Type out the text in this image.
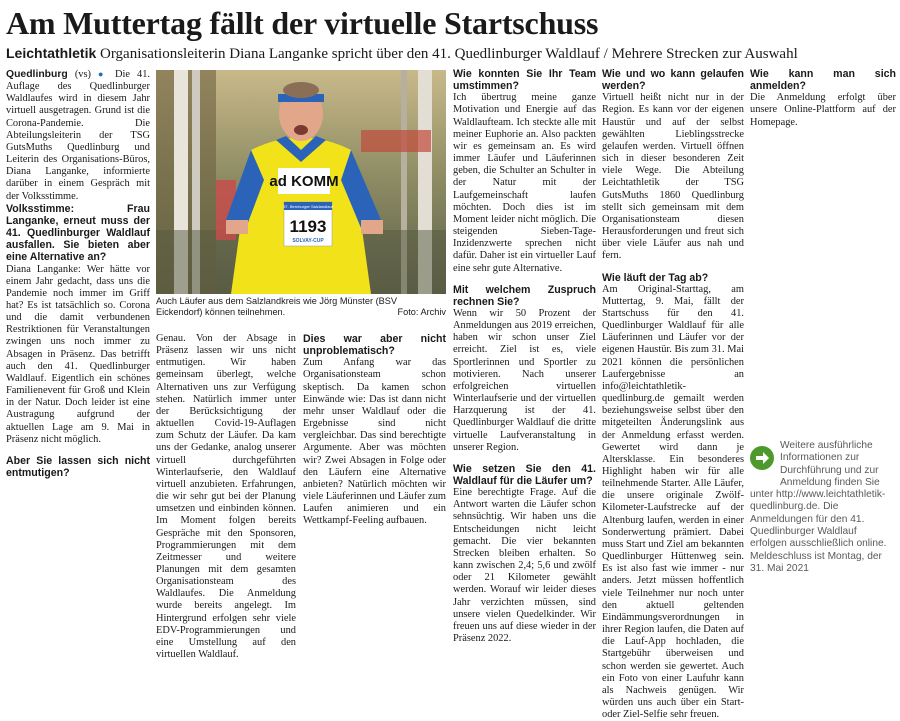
Am Muttertag fällt der virtuelle Startschuss
Leichtathletik Organisationsleiterin Diana Langanke spricht über den 41. Quedlinburger Waldlauf / Mehrere Strecken zur Auswahl

Quedlinburg (vs) ● Die 41. Auflage des Quedlinburger Waldlaufes wird in diesem Jahr virtuell ausgetragen. Grund ist die Corona-Pandemie. Die Abteilungsleiterin der TSG GutsMuths Quedlinburg und Leiterin des Organisations-Büros, Diana Langanke, informierte darüber in einem Gespräch mit der Volksstimme.

Volksstimme: Frau Langanke, erneut muss der 41. Quedlinburger Waldlauf ausfallen. Sie bieten aber eine Alternative an?

Diana Langanke: Wer hätte vor einem Jahr gedacht, dass uns die Pandemie noch immer im Griff hat? Es ist tatsächlich so. Corona und die damit verbundenen Restriktionen für Veranstaltungen zwingen uns noch immer zu Absagen in Präsenz. Das betrifft auch den 41. Quedlinburger Waldlauf. Eigentlich ein schönes Familienevent für Groß und Klein in der Natur. Doch leider ist eine Austragung aufgrund der aktuellen Lage am 9. Mai in Präsenz nicht möglich.

Aber Sie lassen sich nicht entmutigen?
ad KOMM
37. Bernburger Salzlandlauf
1193
SOLVAY-CUP
Auch Läufer aus dem Salzlandkreis wie Jörg Münster (BSV Eickendorf) können teilnehmen.	Foto: Archiv

Genau. Von der Absage in Präsenz lassen wir uns nicht entmutigen. Wir haben gemeinsam überlegt, welche Alternativen uns zur Verfügung stehen. Natürlich immer unter der Berücksichtigung der aktuellen Covid-19-Auflagen zum Schutz der Läufer. Da kam uns der Gedanke, analog unserer virtuell durchgeführten Winterlaufserie, den Waldlauf virtuell anzubieten. Erfahrungen, die wir sehr gut bei der Planung umsetzen und einbinden können. Im Moment folgen bereits Gespräche mit den Sponsoren, Programmierungen mit dem Zeitmesser und weitere Planungen mit dem gesamten Organisationsteam des Waldlaufes. Die Anmeldung wurde bereits angelegt. Im Hintergrund erfolgen sehr viele EDV-Programmierungen und eine Umstellung auf den virtuellen Waldlauf.

Dies war aber nicht unproblematisch?

Zum Anfang war das Organisationsteam schon skeptisch. Da kamen schon Einwände wie: Das ist dann nicht mehr unser Waldlauf oder die Ergebnisse sind nicht vergleichbar. Das sind berechtigte Argumente. Aber was möchten wir? Zwei Absagen in Folge oder den Läufern eine Alternative anbieten? Natürlich möchten wir viele Läuferinnen und Läufer zum Laufen animieren und ein Wettkampf-Feeling aufbauen.

Wie konnten Sie Ihr Team umstimmen?

Ich übertrug meine ganze Motivation und Energie auf das Waldlaufteam. Ich steckte alle mit meiner Euphorie an. Also packten wir es gemeinsam an. Es wird immer Läufer und Läuferinnen geben, die Schulter an Schulter in der Natur mit der Laufgemeinschaft laufen möchten. Doch dies ist im Moment leider nicht möglich. Die steigenden Sieben-Tage-Inzidenzwerte sprechen nicht dafür. Daher ist ein virtueller Lauf eine sehr gute Alternative.

Mit welchem Zuspruch rechnen Sie?

Wenn wir 50 Prozent der Anmeldungen aus 2019 erreichen, haben wir schon unser Ziel erreicht. Ziel ist es, viele Sportlerinnen und Sportler zu motivieren. Nach unserer erfolgreichen virtuellen Winterlaufserie und der virtuellen Harzquerung ist der 41. Quedlinburger Waldlauf die dritte virtuelle Laufveranstaltung in unserer Region.

Wie setzen Sie den 41. Waldlauf für die Läufer um?

Eine berechtigte Frage. Auf die Antwort warten die Läufer schon sehnsüchtig. Wir haben uns die Entscheidungen nicht leicht gemacht. Die vier bekannten Strecken bleiben erhalten. So kann zwischen 2,4; 5,6 und zwölf oder 21 Kilometer gewählt werden. Worauf wir leider dieses Jahr verzichten müssen, sind unsere vielen Quedelkinder. Wir freuen uns auf diese wieder in der Präsenz 2022.

Wie und wo kann gelaufen werden?

Virtuell heißt nicht nur in der Region. Es kann vor der eigenen Haustür und auf der selbst gewählten Lieblingsstrecke gelaufen werden. Virtuell öffnen sich in dieser besonderen Zeit viele Wege. Die Abteilung Leichtathletik der TSG GutsMuths 1860 Quedlinburg stellt sich gemeinsam mit dem Organisationsteam diesen Herausforderungen und freut sich über viele Läufer aus nah und fern.

Wie läuft der Tag ab?

Am Original-Starttag, am Muttertag, 9. Mai, fällt der Startschuss für den 41. Quedlinburger Waldlauf für alle Läuferinnen und Läufer vor der eigenen Haustür. Bis zum 31. Mai 2021 können die persönlichen Laufergebnisse an info@leichtathletik-quedlinburg.de gemailt werden beziehungsweise selbst über den mitgeteilten Änderungslink aus der Anmeldung erfasst werden. Gewertet wird dann je Altersklasse. Ein besonderes Highlight haben wir für alle teilnehmende Starter. Alle Läufer, die unsere originale Zwölf-Kilometer-Laufstrecke auf der Altenburg laufen, werden in einer Sonderwertung prämiert. Dabei muss Start und Ziel am bekannten Quedlinburger Hüttenweg sein. Es ist also fast wie immer - nur anders. Jetzt müssen hoffentlich viele Teilnehmer nur noch unter den aktuell geltenden Eindämmungsverordnungen in ihrer Region laufen, die Daten auf die Lauf-App hochladen, die Startgebühr überweisen und schon werden sie gewertet. Auch ein Foto von einer Laufuhr kann als Nachweis genügen. Wir würden uns auch über ein Start- oder Ziel-Selfie sehr freuen.

Wie kann man sich anmelden?

Die Anmeldung erfolgt über unsere Online-Plattform auf der Homepage.

Weitere ausführliche Informationen zur Durchführung und zur Anmeldung finden Sie unter http://www.leichtathletik-quedlinburg.de. Die Anmeldungen für den 41. Quedlinburger Waldlauf erfolgen ausschließlich online. Meldeschluss ist Montag, der 31. Mai 2021
